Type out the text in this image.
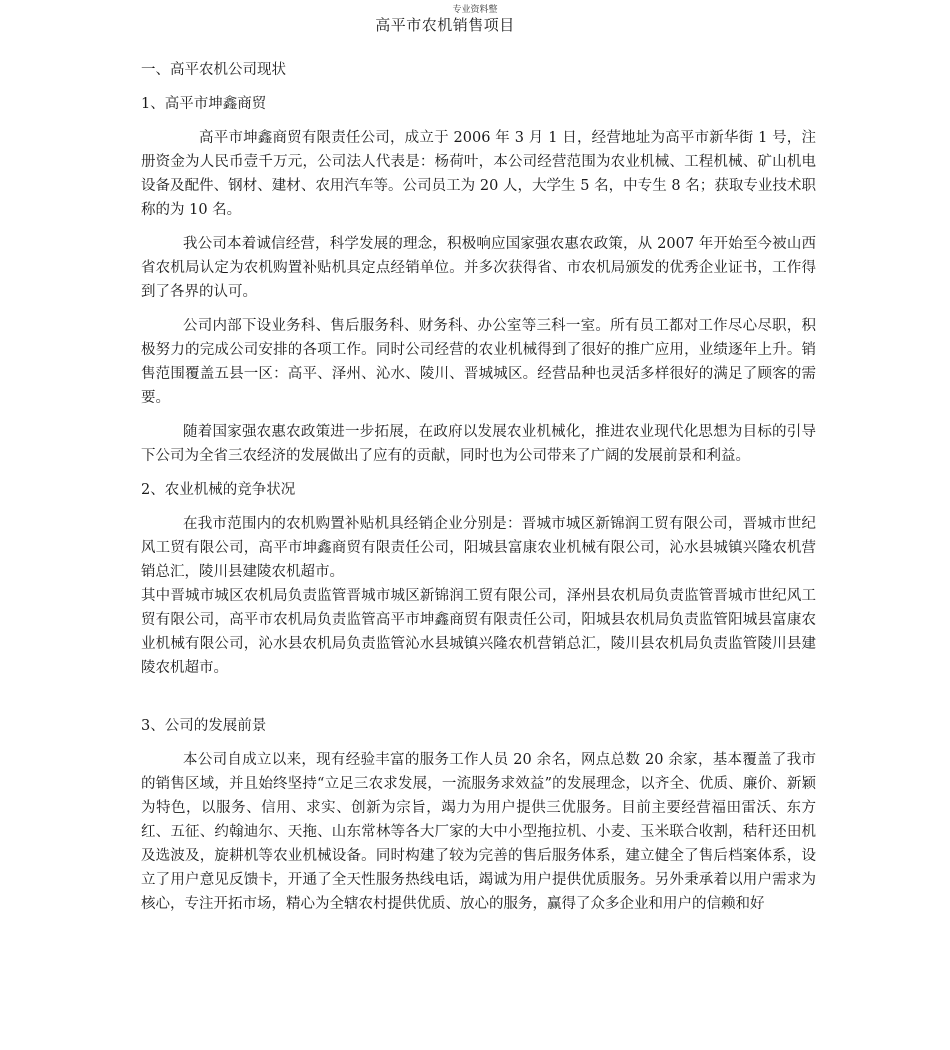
专业资料整
高平市农机销售项目
一、高平农机公司现状
1、高平市坤鑫商贸

高平市坤鑫商贸有限责任公司，成立于 2006 年 3 月 1 日，经营地址为高平市新华街 1 号，注册资金为人民币壹千万元，公司法人代表是：杨荷叶，本公司经营范围为农业机械、工程机械、矿山机电设备及配件、钢材、建材、农用汽车等。公司员工为 20 人，大学生 5 名，中专生 8 名；获取专业技术职称的为 10 名。

我公司本着诚信经营，科学发展的理念，积极响应国家强农惠农政策，从 2007 年开始至今被山西省农机局认定为农机购置补贴机具定点经销单位。并多次获得省、市农机局颁发的优秀企业证书，工作得到了各界的认可。

公司内部下设业务科、售后服务科、财务科、办公室等三科一室。所有员工都对工作尽心尽职，积极努力的完成公司安排的各项工作。同时公司经营的农业机械得到了很好的推广应用，业绩逐年上升。销售范围覆盖五县一区：高平、泽州、沁水、陵川、晋城城区。经营品种也灵活多样很好的满足了顾客的需要。

随着国家强农惠农政策进一步拓展，在政府以发展农业机械化，推进农业现代化思想为目标的引导下公司为全省三农经济的发展做出了应有的贡献，同时也为公司带来了广阔的发展前景和利益。

2、农业机械的竞争状况

在我市范围内的农机购置补贴机具经销企业分别是：晋城市城区新锦润工贸有限公司，晋城市世纪风工贸有限公司，高平市坤鑫商贸有限责任公司，阳城县富康农业机械有限公司，沁水县城镇兴隆农机营销总汇，陵川县建陵农机超市。

其中晋城市城区农机局负责监管晋城市城区新锦润工贸有限公司，泽州县农机局负责监管晋城市世纪风工贸有限公司，高平市农机局负责监管高平市坤鑫商贸有限责任公司，阳城县农机局负责监管阳城县富康农业机械有限公司，沁水县农机局负责监管沁水县城镇兴隆农机营销总汇，陵川县农机局负责监管陵川县建陵农机超市。

3、公司的发展前景

本公司自成立以来，现有经验丰富的服务工作人员 20 余名，网点总数 20 余家，基本覆盖了我市的销售区域，并且始终坚持“立足三农求发展，一流服务求效益”的发展理念，以齐全、优质、廉价、新颖为特色，以服务、信用、求实、创新为宗旨，竭力为用户提供三优服务。目前主要经营福田雷沃、东方红、五征、约翰迪尔、天拖、山东常林等各大厂家的大中小型拖拉机、小麦、玉米联合收割，秸秆还田机及选波及，旋耕机等农业机械设备。同时构建了较为完善的售后服务体系，建立健全了售后档案体系，设立了用户意见反馈卡，开通了全天性服务热线电话，竭诚为用户提供优质服务。另外秉承着以用户需求为核心，专注开拓市场，精心为全辖农村提供优质、放心的服务，赢得了众多企业和用户的信赖和好
